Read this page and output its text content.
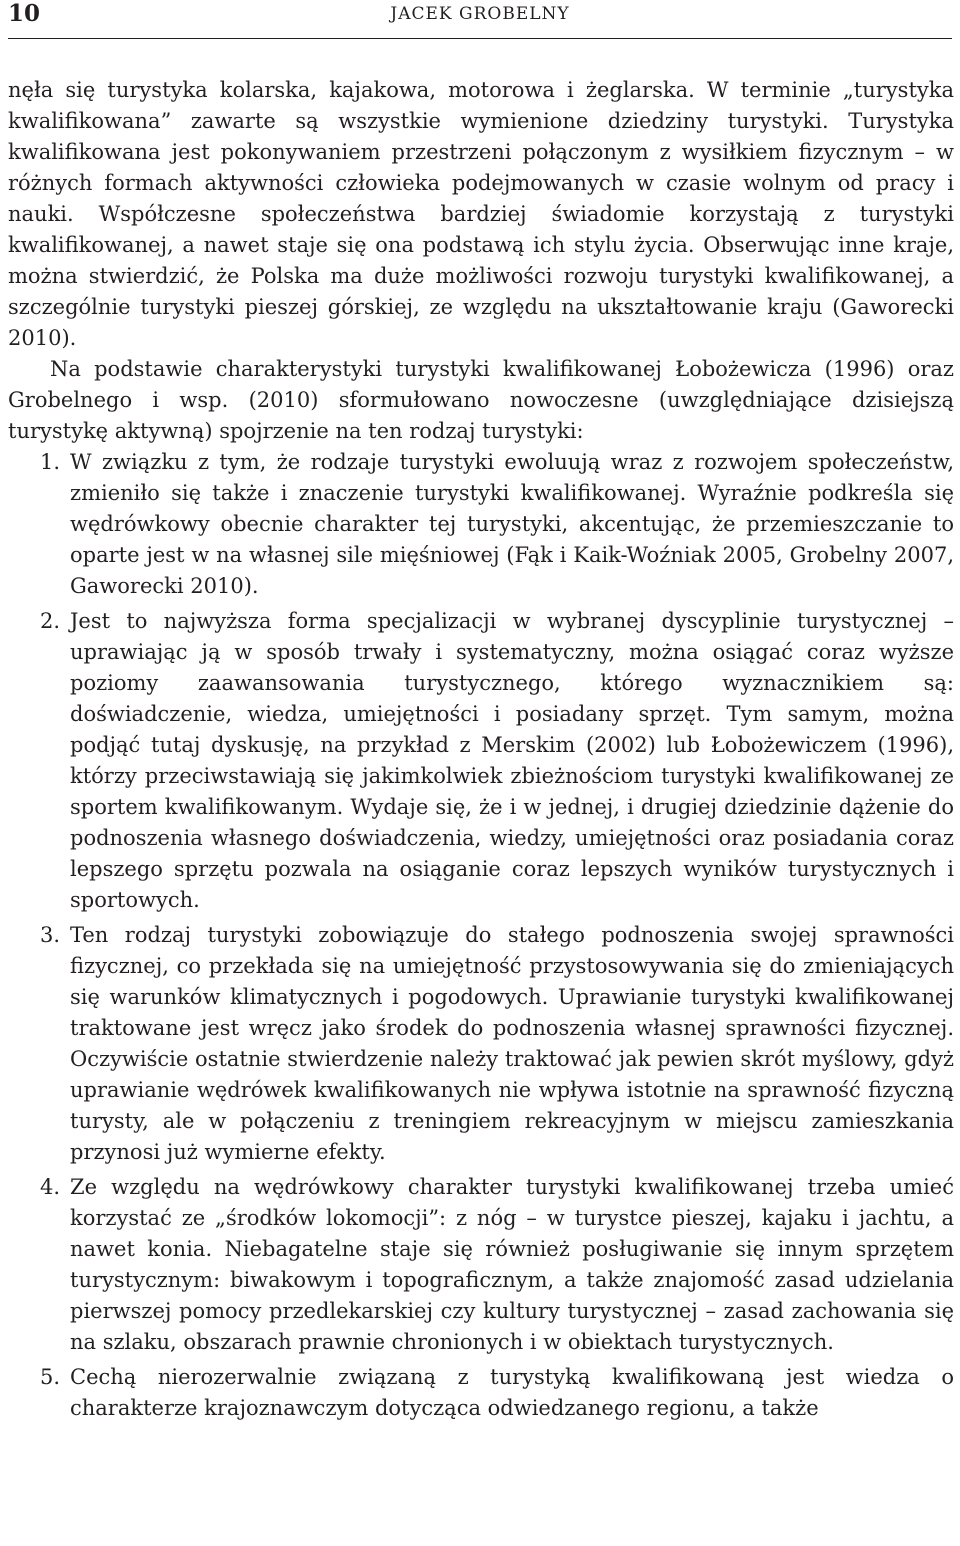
10	JACEK GROBELNY

nęła się turystyka kolarska, kajakowa, motorowa i żeglarska. W terminie „turystyka kwalifikowana” zawarte są wszystkie wymienione dziedziny turystyki. Turystyka kwalifikowana jest pokonywaniem przestrzeni połączonym z wysiłkiem fizycznym – w różnych formach aktywności człowieka podejmowanych w czasie wolnym od pracy i nauki. Współczesne społeczeństwa bardziej świadomie korzystają z turystyki kwalifikowanej, a nawet staje się ona podstawą ich stylu życia. Obserwując inne kraje, można stwierdzić, że Polska ma duże możliwości rozwoju turystyki kwalifikowanej, a szczególnie turystyki pieszej górskiej, ze względu na ukształtowanie kraju (Gaworecki 2010).

Na podstawie charakterystyki turystyki kwalifikowanej Łobożewicza (1996) oraz Grobelnego i wsp. (2010) sformułowano nowoczesne (uwzględniające dzisiejszą turystykę aktywną) spojrzenie na ten rodzaj turystyki:

1. W związku z tym, że rodzaje turystyki ewoluują wraz z rozwojem społeczeństw, zmieniło się także i znaczenie turystyki kwalifikowanej. Wyraźnie podkreśla się wędrówkowy obecnie charakter tej turystyki, akcentując, że przemieszczanie to oparte jest w na własnej sile mięśniowej (Fąk i Kaik-Woźniak 2005, Grobelny 2007, Gaworecki 2010).
2. Jest to najwyższa forma specjalizacji w wybranej dyscyplinie turystycznej – uprawiając ją w sposób trwały i systematyczny, można osiągać coraz wyższe poziomy zaawansowania turystycznego, którego wyznacznikiem są: doświadczenie, wiedza, umiejętności i posiadany sprzęt. Tym samym, można podjąć tutaj dyskusję, na przykład z Merskim (2002) lub Łobożewiczem (1996), którzy przeciwstawiają się jakimkolwiek zbieżnościom turystyki kwalifikowanej ze sportem kwalifikowanym. Wydaje się, że i w jednej, i drugiej dziedzinie dążenie do podnoszenia własnego doświadczenia, wiedzy, umiejętności oraz posiadania coraz lepszego sprzętu pozwala na osiąganie coraz lepszych wyników turystycznych i sportowych.
3. Ten rodzaj turystyki zobowiązuje do stałego podnoszenia swojej sprawności fizycznej, co przekłada się na umiejętność przystosowywania się do zmieniających się warunków klimatycznych i pogodowych. Uprawianie turystyki kwalifikowanej traktowane jest wręcz jako środek do podnoszenia własnej sprawności fizycznej. Oczywiście ostatnie stwierdzenie należy traktować jak pewien skrót myślowy, gdyż uprawianie wędrówek kwalifikowanych nie wpływa istotnie na sprawność fizyczną turysty, ale w połączeniu z treningiem rekreacyjnym w miejscu zamieszkania przynosi już wymierne efekty.
4. Ze względu na wędrówkowy charakter turystyki kwalifikowanej trzeba umieć korzystać ze „środków lokomocji”: z nóg – w turystce pieszej, kajaku i jachtu, a nawet konia. Niebagatelne staje się również posługiwanie się innym sprzętem turystycznym: biwakowym i topograficznym, a także znajomość zasad udzielania pierwszej pomocy przedlekarskiej czy kultury turystycznej – zasad zachowania się na szlaku, obszarach prawnie chronionych i w obiektach turystycznych.
5. Cechą nierozerwalnie związaną z turystyką kwalifikowaną jest wiedza o charakterze krajoznawczym dotycząca odwiedzanego regionu, a także
